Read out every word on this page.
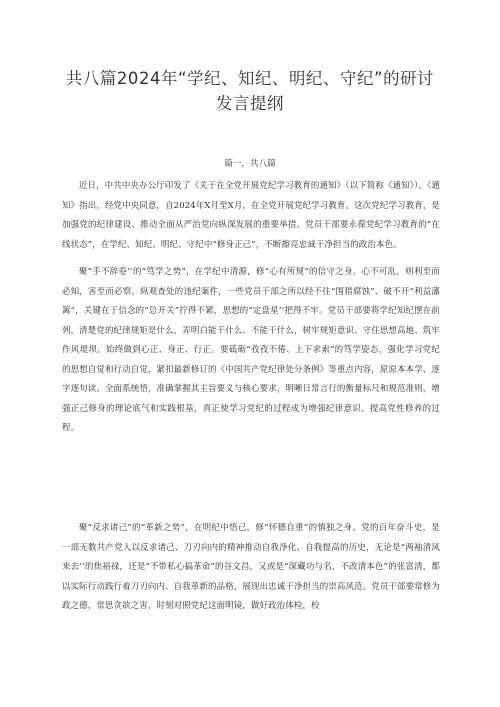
共八篇2024年“学纪、知纪、明纪、守纪”的研讨
发言提纲
篇一，共八篇

近日，中共中央办公厅印发了《关于在全党开展党纪学习教育的通知》（以下简称《通知》）。《通知》指出，经党中央同意，自2024年X月至X月，在全党开展党纪学习教育。这次党纪学习教育，是加强党的纪律建设、推动全面从严治党向纵深发展的重要举措。党员干部要永葆党纪学习教育的“在线状态”，在学纪、知纪、明纪、守纪中“修身正己”，不断擦亮忠诚干净担当的政治本色。

聚“手不辞卷’’的“笃学之势”，在学纪中清源，修“心有所规”的信守之身。心不可乱，则利至而必知，害至而必察。纵观查处的违纪案件，一些党员干部之所以经不住“围猎腐蚀”、破不开“利益藩篱”，关键在于信念的“总开关”拧得不紧，思想的“定盘星’’把得不牢。党员干部要将学纪知纪摆在前列，清楚党的纪律规矩是什么，弄明白能干什么、不能干什么，树牢规矩意识、守住思想高地、筑牢作风堤坝，始终做到心正、身正、行正。要砥砺“孜孜不倦、上下求索”的笃学姿态，强化学习党纪的思想自觉和行动自觉，紧扣最新修订的《中国共产党纪律处分条例》等重点内容，原原本本学、逐字逐句读、全面系统悟，准确掌握其主旨要义与核心要求，明晰日常言行的衡量标尺和规范准则，增强正己修身的理论底气和实践根基，真正使学习党纪的过程成为增强纪律意识、提高党性修养的过程。

聚“反求诸己”的“革新之势”，在明纪中悟己，修“怀德自重”的慎独之身。党的百年奋斗史，是一部无数共产党人以反求诸己、刀刃向内的精神推动自我净化、自我提高的历史，无论是“两袖清风来去’’的焦裕禄，还是“不带私心搞革命”的谷文昌，又或是“深藏功与名，不改清本色”的张富清，都以实际行动践行着刀刃向内、自我革新的品格，展现出忠诚干净担当的崇高风范。党员干部要常修为政之德，常思贪欲之害，时刻对照党纪这面明镜，做好政治体检，校
